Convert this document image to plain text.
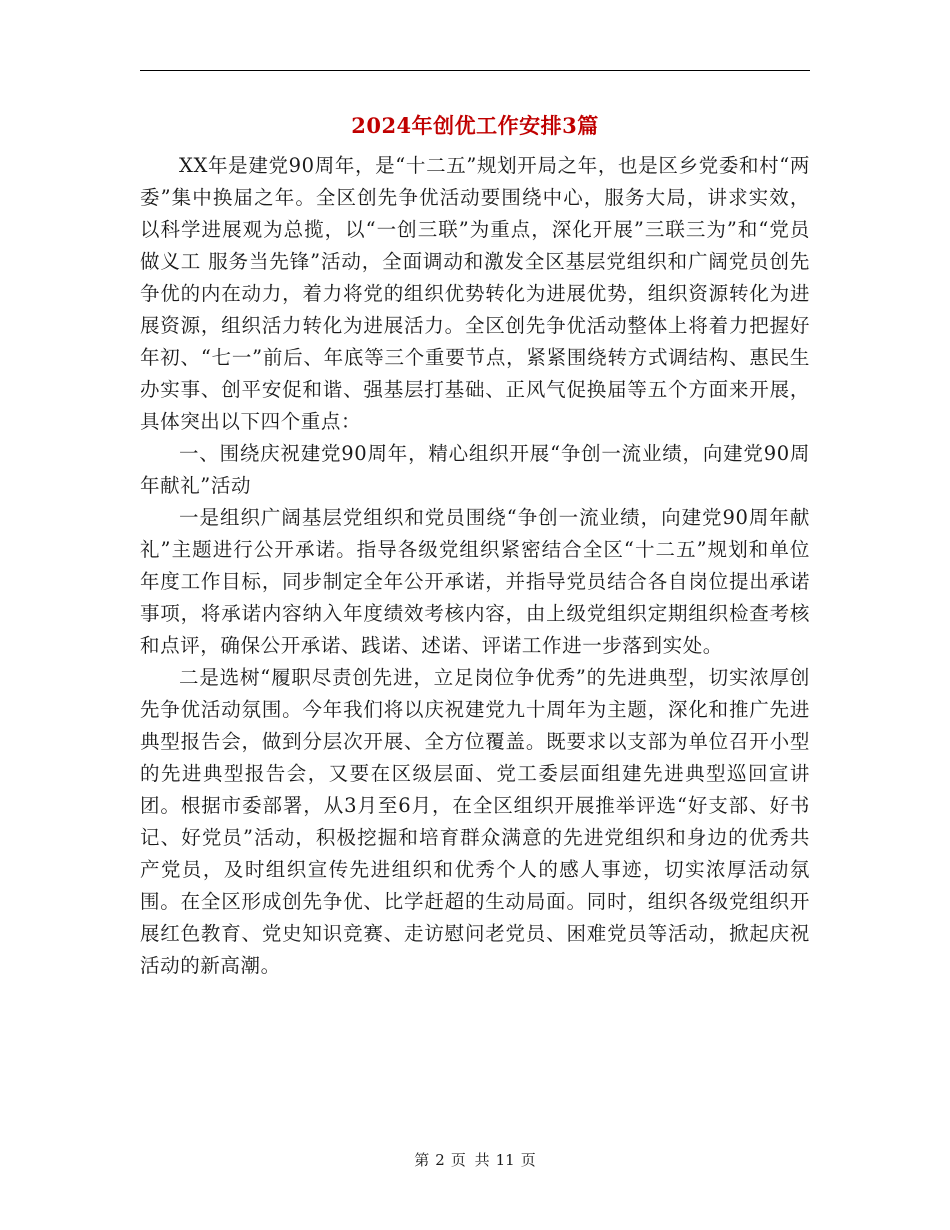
2024年创优工作安排3篇

XX年是建党90周年，是“十二五”规划开局之年，也是区乡党委和村“两委”集中换届之年。全区创先争优活动要围绕中心，服务大局，讲求实效，以科学进展观为总揽，以“一创三联”为重点，深化开展”三联三为”和“党员做义工 服务当先锋”活动，全面调动和激发全区基层党组织和广阔党员创先争优的内在动力，着力将党的组织优势转化为进展优势，组织资源转化为进展资源，组织活力转化为进展活力。全区创先争优活动整体上将着力把握好年初、“七一”前后、年底等三个重要节点，紧紧围绕转方式调结构、惠民生办实事、创平安促和谐、强基层打基础、正风气促换届等五个方面来开展，具体突出以下四个重点：

一、围绕庆祝建党90周年，精心组织开展“争创一流业绩，向建党90周年献礼”活动

一是组织广阔基层党组织和党员围绕“争创一流业绩，向建党90周年献礼”主题进行公开承诺。指导各级党组织紧密结合全区“十二五”规划和单位年度工作目标，同步制定全年公开承诺，并指导党员结合各自岗位提出承诺事项，将承诺内容纳入年度绩效考核内容，由上级党组织定期组织检查考核和点评，确保公开承诺、践诺、述诺、评诺工作进一步落到实处。

二是选树“履职尽责创先进，立足岗位争优秀”的先进典型，切实浓厚创先争优活动氛围。今年我们将以庆祝建党九十周年为主题，深化和推广先进典型报告会，做到分层次开展、全方位覆盖。既要求以支部为单位召开小型的先进典型报告会，又要在区级层面、党工委层面组建先进典型巡回宣讲团。根据市委部署，从3月至6月，在全区组织开展推举评选“好支部、好书记、好党员”活动，积极挖掘和培育群众满意的先进党组织和身边的优秀共产党员，及时组织宣传先进组织和优秀个人的感人事迹，切实浓厚活动氛围。在全区形成创先争优、比学赶超的生动局面。同时，组织各级党组织开展红色教育、党史知识竞赛、走访慰问老党员、困难党员等活动，掀起庆祝活动的新高潮。

第 2 页 共 11 页
